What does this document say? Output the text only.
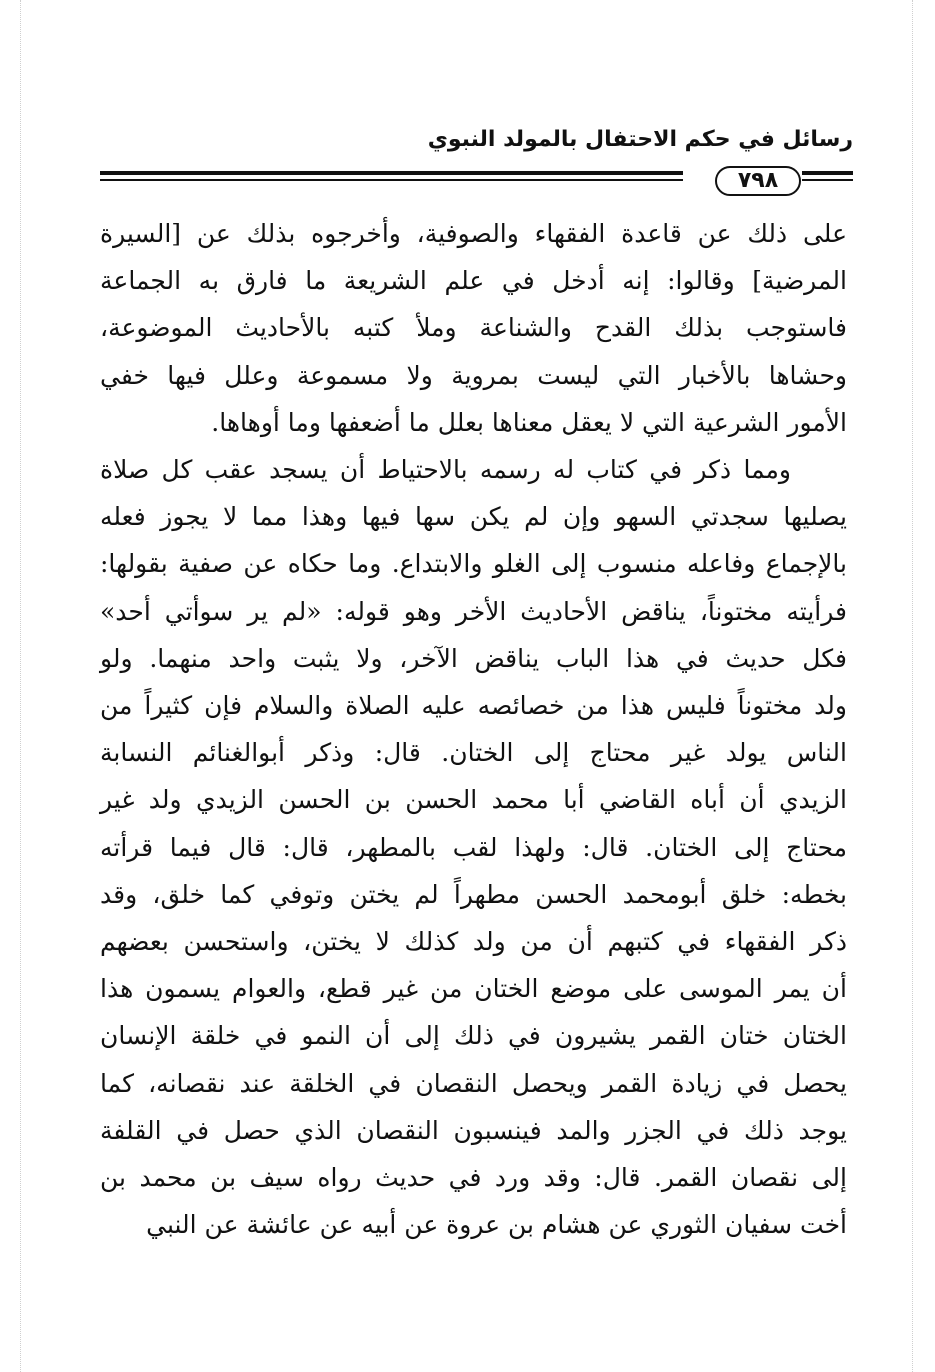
رسائل في حكم الاحتفال بالمولد النبوي
٧٩٨
على ذلك عن قاعدة الفقهاء والصوفية، وأخرجوه بذلك عن [السيرة
المرضية] وقالوا: إنه أدخل في علم الشريعة ما فارق به الجماعة
فاستوجب بذلك القدح والشناعة وملأ كتبه بالأحاديث الموضوعة،
وحشاها بالأخبار التي ليست بمروية ولا مسموعة وعلل فيها خفي
الأمور الشرعية التي لا يعقل معناها بعلل ما أضعفها وما أوهاها.
ومما ذكر في كتاب له رسمه بالاحتياط أن يسجد عقب كل صلاة
يصليها سجدتي السهو وإن لم يكن سها فيها وهذا مما لا يجوز فعله
بالإجماع وفاعله منسوب إلى الغلو والابتداع. وما حكاه عن صفية بقولها:
فرأيته مختوناً، يناقض الأحاديث الأخر وهو قوله: «لم ير سوأتي أحد»
فكل حديث في هذا الباب يناقض الآخر، ولا يثبت واحد منهما. ولو
ولد مختوناً فليس هذا من خصائصه عليه الصلاة والسلام فإن كثيراً من
الناس يولد غير محتاج إلى الختان. قال: وذكر أبوالغنائم النسابة
الزيدي أن أباه القاضي أبا محمد الحسن بن الحسن الزيدي ولد غير
محتاج إلى الختان. قال: ولهذا لقب بالمطهر، قال: قال فيما قرأته
بخطه: خلق أبومحمد الحسن مطهراً لم يختن وتوفي كما خلق، وقد
ذكر الفقهاء في كتبهم أن من ولد كذلك لا يختن، واستحسن بعضهم
أن يمر الموسى على موضع الختان من غير قطع، والعوام يسمون هذا
الختان ختان القمر يشيرون في ذلك إلى أن النمو في خلقة الإنسان
يحصل في زيادة القمر ويحصل النقصان في الخلقة عند نقصانه، كما
يوجد ذلك في الجزر والمد فينسبون النقصان الذي حصل في القلفة
إلى نقصان القمر. قال: وقد ورد في حديث رواه سيف بن محمد بن
أخت سفيان الثوري عن هشام بن عروة عن أبيه عن عائشة عن النبي
